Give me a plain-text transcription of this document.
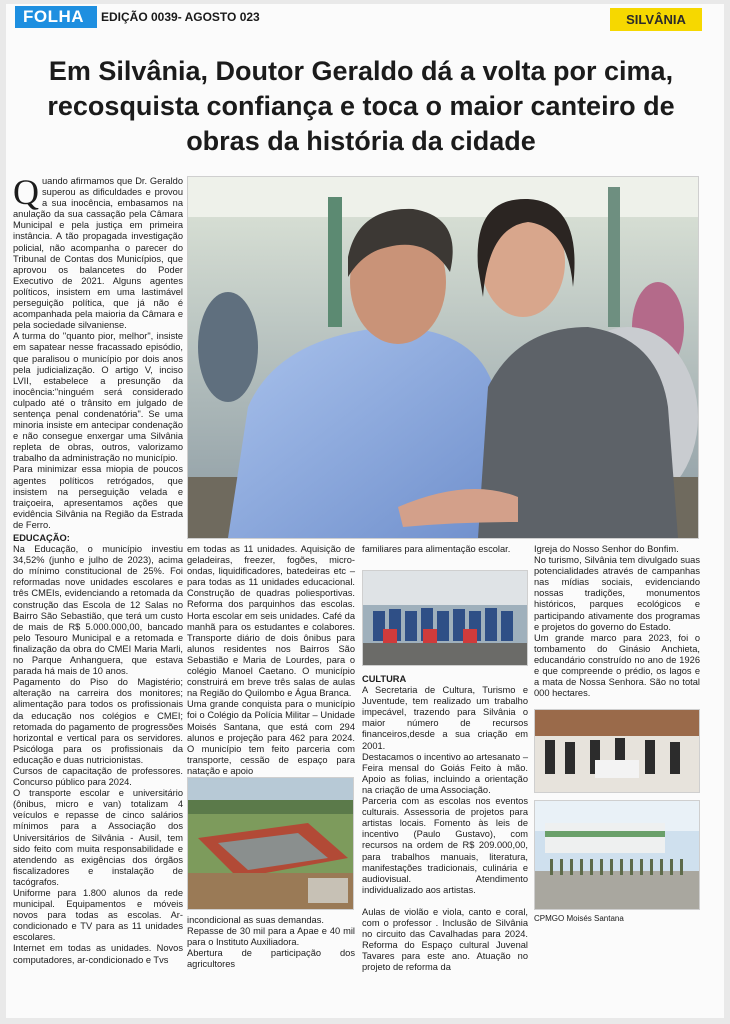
FOLHA	EDIÇÃO 0039- AGOSTO 023	SILVÂNIA
Em Silvânia, Doutor Geraldo dá a volta por cima, recosquista confiança e toca o maior canteiro de obras da história da cidade
Q uando afirmamos que Dr. Geraldo superou as dificuldades e provou a sua inocência, embasamos na anulação da sua cassação pela Câmara Municipal e pela justiça em primeira instância. A tão propagada investigação policial, não acompanha o parecer do Tribunal de Contas dos Municípios, que aprovou os balancetes do Poder Executivo de 2021. Alguns agentes políticos, insistem em uma lastimável perseguição política, que já não é acompanhada pela maioria da Câmara e pela sociedade silvaniense.

A turma do "quanto pior, melhor", insiste em sapatear nesse fracassado episódio, que paralisou o município por dois anos pela judicialização. O artigo V, inciso LVII, estabelece a presunção da inocência:"ninguém será considerado culpado até o trânsito em julgado de sentença penal condenatória". Se uma minoria insiste em antecipar condenação e não consegue enxergar uma Silvânia repleta de obras, outros, valorizamo trabalho da administração no município.

Para minimizar essa miopia de poucos agentes políticos retrógados, que insistem na perseguição velada e traiçoeira, apresentamos ações que evidência Silvânia na Região da Estrada de Ferro.

EDUCAÇÃO:

Na Educação, o município investiu 34,52% (junho e julho de 2023), acima do mínimo constitucional de 25%. Foi reformadas nove unidades escolares e três CMEIs, evidenciando a retomada da construção das Escola de 12 Salas no Bairro São Sebastião, que terá um custo de mais de R$ 5.000.000,00, bancado pelo Tesouro Municipal e a retomada e finalização da obra do CMEI Maria Marli, no Parque Anhanguera, que estava parada há mais de 10 anos.

Pagamento do Piso do Magistério; alteração na carreira dos monitores; alimentação para todos os profissionais da educação nos colégios e CMEI; retomada do pagamento de progressões horizontal e vertical para os servidores. Psicóloga para os profissionais da educação e duas nutricionistas.

Cursos de capacitação de professores. Concurso público para 2024.

O transporte escolar e universitário (ônibus, micro e van) totalizam 4 veículos e repasse de cinco salários mínimos para a Associação dos Universitários de Silvânia - Ausil, tem sido feito com muita responsabilidade e atendendo as exigências dos órgãos fiscalizadores e instalação de tacógrafos.

Uniforme para 1.800 alunos da rede municipal. Equipamentos e móveis novos para todas as escolas. Ar-condicionado e TV para as 11 unidades escolares.

Internet em todas as unidades. Novos computadores, ar-condicionado e Tvs

em todas as 11 unidades. Aquisição de geladeiras, freezer, fogões, micro-ondas, liquidificadores, batedeiras etc – para todas as 11 unidades educacional. Construção de quadras poliesportivas. Reforma dos parquinhos das escolas. Horta escolar em seis unidades. Café da manhã para os estudantes e colabores. Transporte diário de dois ônibus para alunos residentes nos Bairros São Sebastião e Maria de Lourdes, para o colégio Manoel Caetano. O município construirá em breve três salas de aulas na Região do Quilombo e Água Branca.

Uma grande conquista para o município foi o Colégio da Polícia Militar – Unidade Moisés Santana, que está com 294 alunos e projeção para 462 para 2024. O município tem feito parceria com transporte, cessão de espaço para natação e apoio

incondicional as suas demandas.

Repasse de 30 mil para a Apae e 40 mil para o Instituto Auxiliadora.

Abertura de participação dos agricultores

familiares para alimentação escolar.

CULTURA

A Secretaria de Cultura, Turismo e Juventude, tem realizado um trabalho impecável, trazendo para Silvânia o maior número de recursos financeiros,desde a sua criação em 2001.

Destacamos o incentivo ao artesanato – Feira mensal do Goiás Feito à mão. Apoio as folias, incluindo a orientação na criação de uma Associação.

Parceria com as escolas nos eventos culturais. Assessoria de projetos para artistas locais. Fomento às leis de incentivo (Paulo Gustavo), com recursos na ordem de R$ 209.000,00, para trabalhos manuais, literatura, manifestações tradicionais, culinária e audiovisual. Atendimento individualizado aos artistas.

Aulas de violão e viola, canto e coral, com o professor . Inclusão de Silvânia no circuito das Cavalhadas para 2024. Reforma do Espaço cultural Juvenal Tavares para este ano. Atuação no projeto de reforma da

Igreja do Nosso Senhor do Bonfim.

No turismo, Silvânia tem divulgado suas potencialidades através de campanhas nas mídias sociais, evidenciando nossas tradições, monumentos históricos, parques ecológicos e participando ativamente dos programas e projetos do governo do Estado.

Um grande marco para 2023, foi o tombamento do Ginásio Anchieta, educandário construído no ano de 1926 e que compreende o prédio, os lagos e a mata de Nossa Senhora. São no total 000 hectares.

CPMGO Moisés Santana
